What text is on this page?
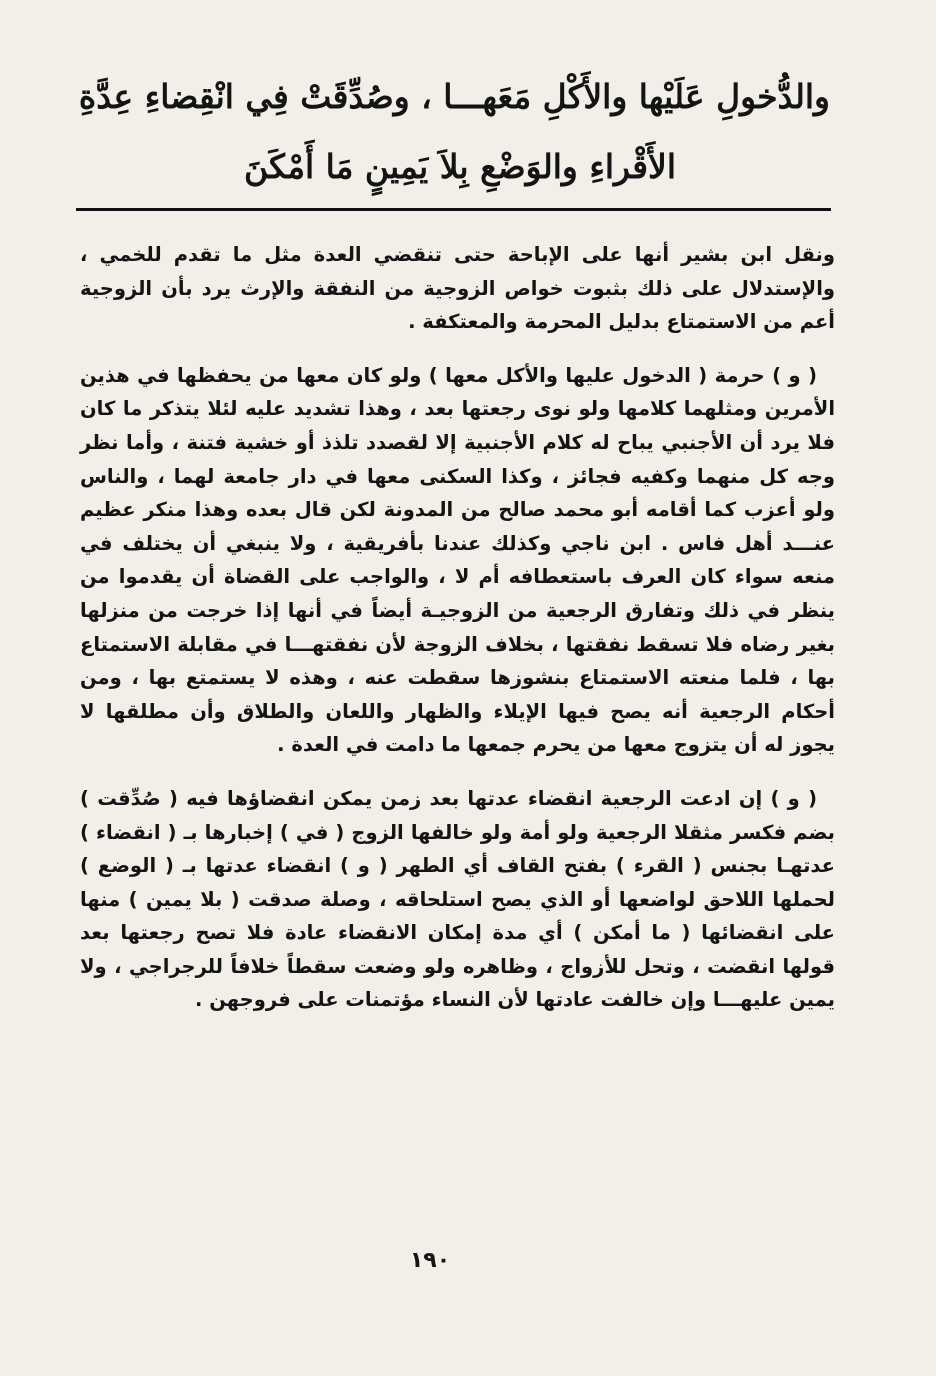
والدُّخولِ عَلَيْها والأَكْلِ مَعَهـــا ، وصُدِّقَتْ فِي انْقِضاءِ عِدَّةِ
الأَقْراءِ والوَضْعِ بِلاَ يَمِينٍ مَا أَمْكَنَ

ونقل ابن بشير أنها على الإباحة حتى تنقضي العدة مثل ما تقدم للخمي ، والإستدلال على ذلك بثبوت خواص الزوجية من النفقة والإرث يرد بأن الزوجية أعم من الاستمتاع بدليل المحرمة والمعتكفة .

( و ) حرمة ( الدخول عليها والأكل معها ) ولو كان معها من يحفظها في هذين الأمرين ومثلهما كلامها ولو نوى رجعتها بعد ، وهذا تشديد عليه لئلا يتذكر ما كان فلا يرد أن الأجنبي يباح له كلام الأجنبية إلا لقصدد تلذذ أو خشية فتنة ، وأما نظر وجه كل منهما وكفيه فجائز ، وكذا السكنى معها في دار جامعة لهما ، والناس ولو أعزب كما أقامه أبو محمد صالح من المدونة لكن قال بعده وهذا منكر عظيم عنـــد أهل فاس . ابن ناجي وكذلك عندنا بأفريقية ، ولا ينبغي أن يختلف في منعه سواء كان العرف باستعطافه أم لا ، والواجب على القضاة أن يقدموا من ينظر في ذلك وتفارق الرجعية من الزوجيـة أيضاً في أنها إذا خرجت من منزلها بغير رضاه فلا تسقط نفقتها ، بخلاف الزوجة لأن نفقتهـــا في مقابلة الاستمتاع بها ، فلما منعته الاستمتاع بنشوزها سقطت عنه ، وهذه لا يستمتع بها ، ومن أحكام الرجعية أنه يصح فيها الإيلاء والظهار واللعان والطلاق وأن مطلقها لا يجوز له أن يتزوج معها من يحرم جمعها ما دامت في العدة .

( و ) إن ادعت الرجعية انقضاء عدتها بعد زمن يمكن انقضاؤها فيه ( صُدِّقت ) بضم فكسر مثقلا الرجعية ولو أمة ولو خالفها الزوج ( في ) إخبارها بـ ( انقضاء ) عدتهـا بجنس ( القرء ) بفتح القاف أي الطهر ( و ) انقضاء عدتها بـ ( الوضع ) لحملها اللاحق لواضعها أو الذي يصح استلحاقه ، وصلة صدقت ( بلا يمين ) منها على انقضائها ( ما أمكن ) أي مدة إمكان الانقضاء عادة فلا تصح رجعتها بعد قولها انقضت ، وتحل للأزواج ، وظاهره ولو وضعت سقطاً خلافاً للرجراجي ، ولا يمين عليهـــا وإن خالفت عادتها لأن النساء مؤتمنات على فروجهن .

١٩٠
